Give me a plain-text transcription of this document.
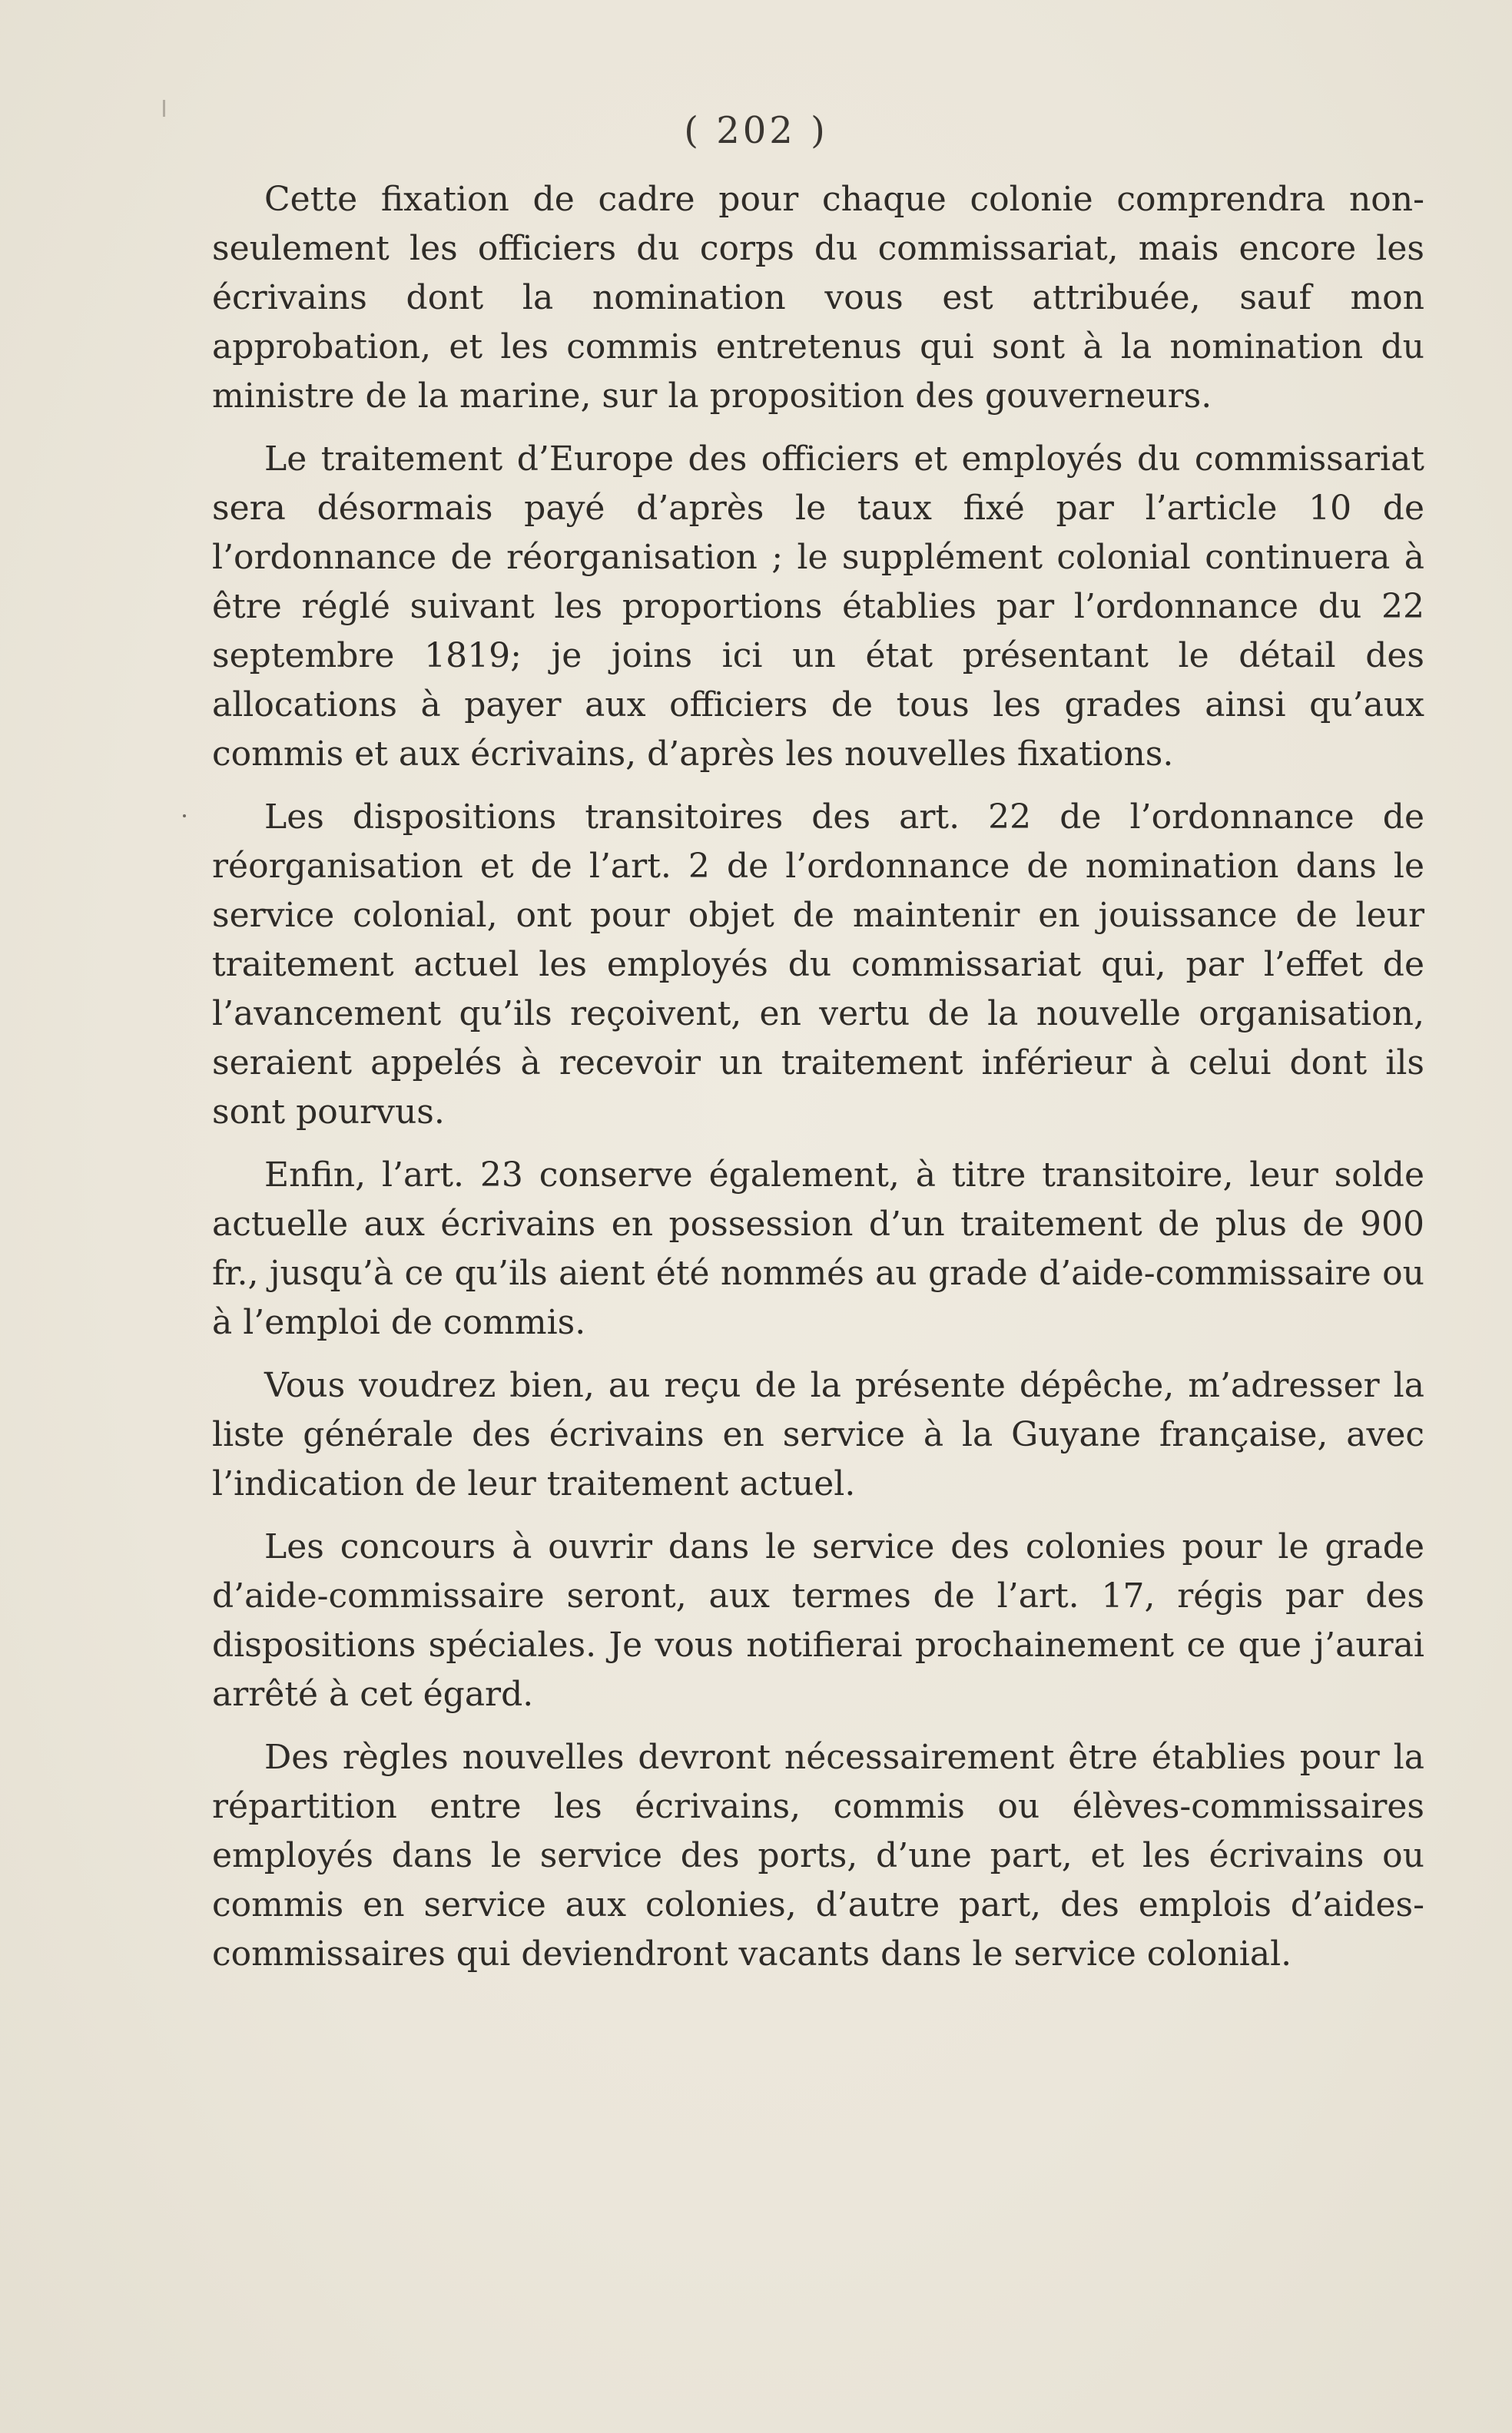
( 202 )

Cette fixation de cadre pour chaque colonie comprendra non-seulement les officiers du corps du commissariat, mais encore les écrivains dont la nomination vous est attribuée, sauf mon approbation, et les commis entretenus qui sont à la nomination du ministre de la marine, sur la proposition des gouverneurs.

Le traitement d’Europe des officiers et employés du commissariat sera désormais payé d’après le taux fixé par l’article 10 de l’ordonnance de réorganisation ; le supplément colonial continuera à être réglé suivant les proportions établies par l’ordonnance du 22 septembre 1819; je joins ici un état présentant le détail des allocations à payer aux officiers de tous les grades ainsi qu’aux commis et aux écrivains, d’après les nouvelles fixations.

Les dispositions transitoires des art. 22 de l’ordonnance de réorganisation et de l’art. 2 de l’ordonnance de nomination dans le service colonial, ont pour objet de maintenir en jouissance de leur traitement actuel les employés du commissariat qui, par l’effet de l’avancement qu’ils reçoivent, en vertu de la nouvelle organisation, seraient appelés à recevoir un traitement inférieur à celui dont ils sont pourvus.

Enfin, l’art. 23 conserve également, à titre transitoire, leur solde actuelle aux écrivains en possession d’un traitement de plus de 900 fr., jusqu’à ce qu’ils aient été nommés au grade d’aide-commissaire ou à l’emploi de commis.

Vous voudrez bien, au reçu de la présente dépêche, m’adresser la liste générale des écrivains en service à la Guyane française, avec l’indication de leur traitement actuel.

Les concours à ouvrir dans le service des colonies pour le grade d’aide-commissaire seront, aux termes de l’art. 17, régis par des dispositions spéciales. Je vous notifierai prochainement ce que j’aurai arrêté à cet égard.

Des règles nouvelles devront nécessairement être établies pour la répartition entre les écrivains, commis ou élèves-commissaires employés dans le service des ports, d’une part, et les écrivains ou commis en service aux colonies, d’autre part, des emplois d’aides-commissaires qui deviendront vacants dans le service colonial.
